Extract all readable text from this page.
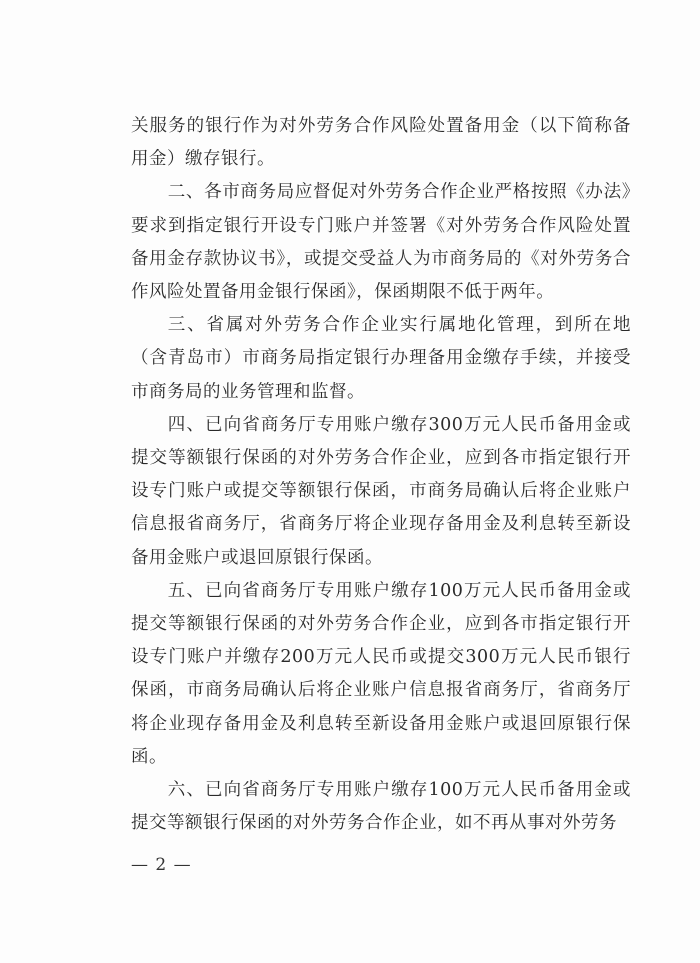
关服务的银行作为对外劳务合作风险处置备用金（以下简称备用金）缴存银行。

二、各市商务局应督促对外劳务合作企业严格按照《办法》要求到指定银行开设专门账户并签署《对外劳务合作风险处置备用金存款协议书》，或提交受益人为市商务局的《对外劳务合作风险处置备用金银行保函》，保函期限不低于两年。

三、省属对外劳务合作企业实行属地化管理，到所在地（含青岛市）市商务局指定银行办理备用金缴存手续，并接受市商务局的业务管理和监督。

四、已向省商务厅专用账户缴存300万元人民币备用金或提交等额银行保函的对外劳务合作企业，应到各市指定银行开设专门账户或提交等额银行保函，市商务局确认后将企业账户信息报省商务厅，省商务厅将企业现存备用金及利息转至新设备用金账户或退回原银行保函。

五、已向省商务厅专用账户缴存100万元人民币备用金或提交等额银行保函的对外劳务合作企业，应到各市指定银行开设专门账户并缴存200万元人民币或提交300万元人民币银行保函，市商务局确认后将企业账户信息报省商务厅，省商务厅将企业现存备用金及利息转至新设备用金账户或退回原银行保函。

六、已向省商务厅专用账户缴存100万元人民币备用金或提交等额银行保函的对外劳务合作企业，如不再从事对外劳务

— 2 —
